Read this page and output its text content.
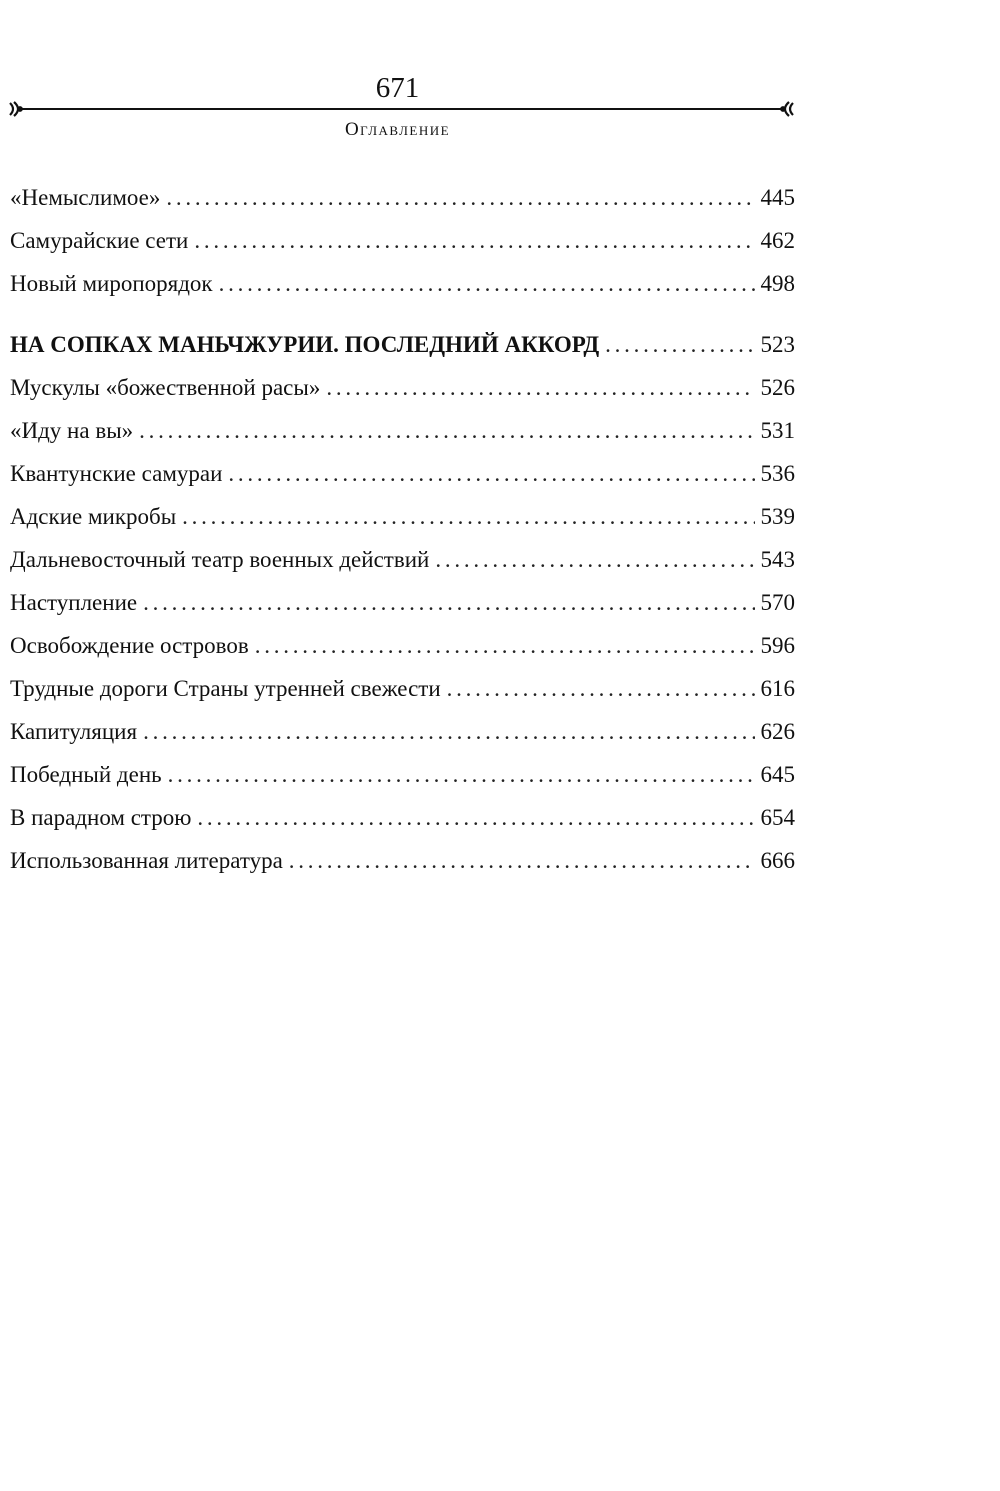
671
Оглавление
«Немыслимое» . . .	445
Самурайские сети . . .	462
Новый миропорядок . . .	498
НА СОПКАХ МАНЬЧЖУРИИ. ПОСЛЕДНИЙ АККОРД . . .	523
Мускулы «божественной расы» . . .	526
«Иду на вы» . . .	531
Квантунские самураи . . .	536
Адские микробы . . .	539
Дальневосточный театр военных действий . . .	543
Наступление . . .	570
Освобождение островов . . .	596
Трудные дороги Страны утренней свежести . . .	616
Капитуляция . . .	626
Победный день . . .	645
В парадном строю . . .	654
Использованная литература . . .	666
